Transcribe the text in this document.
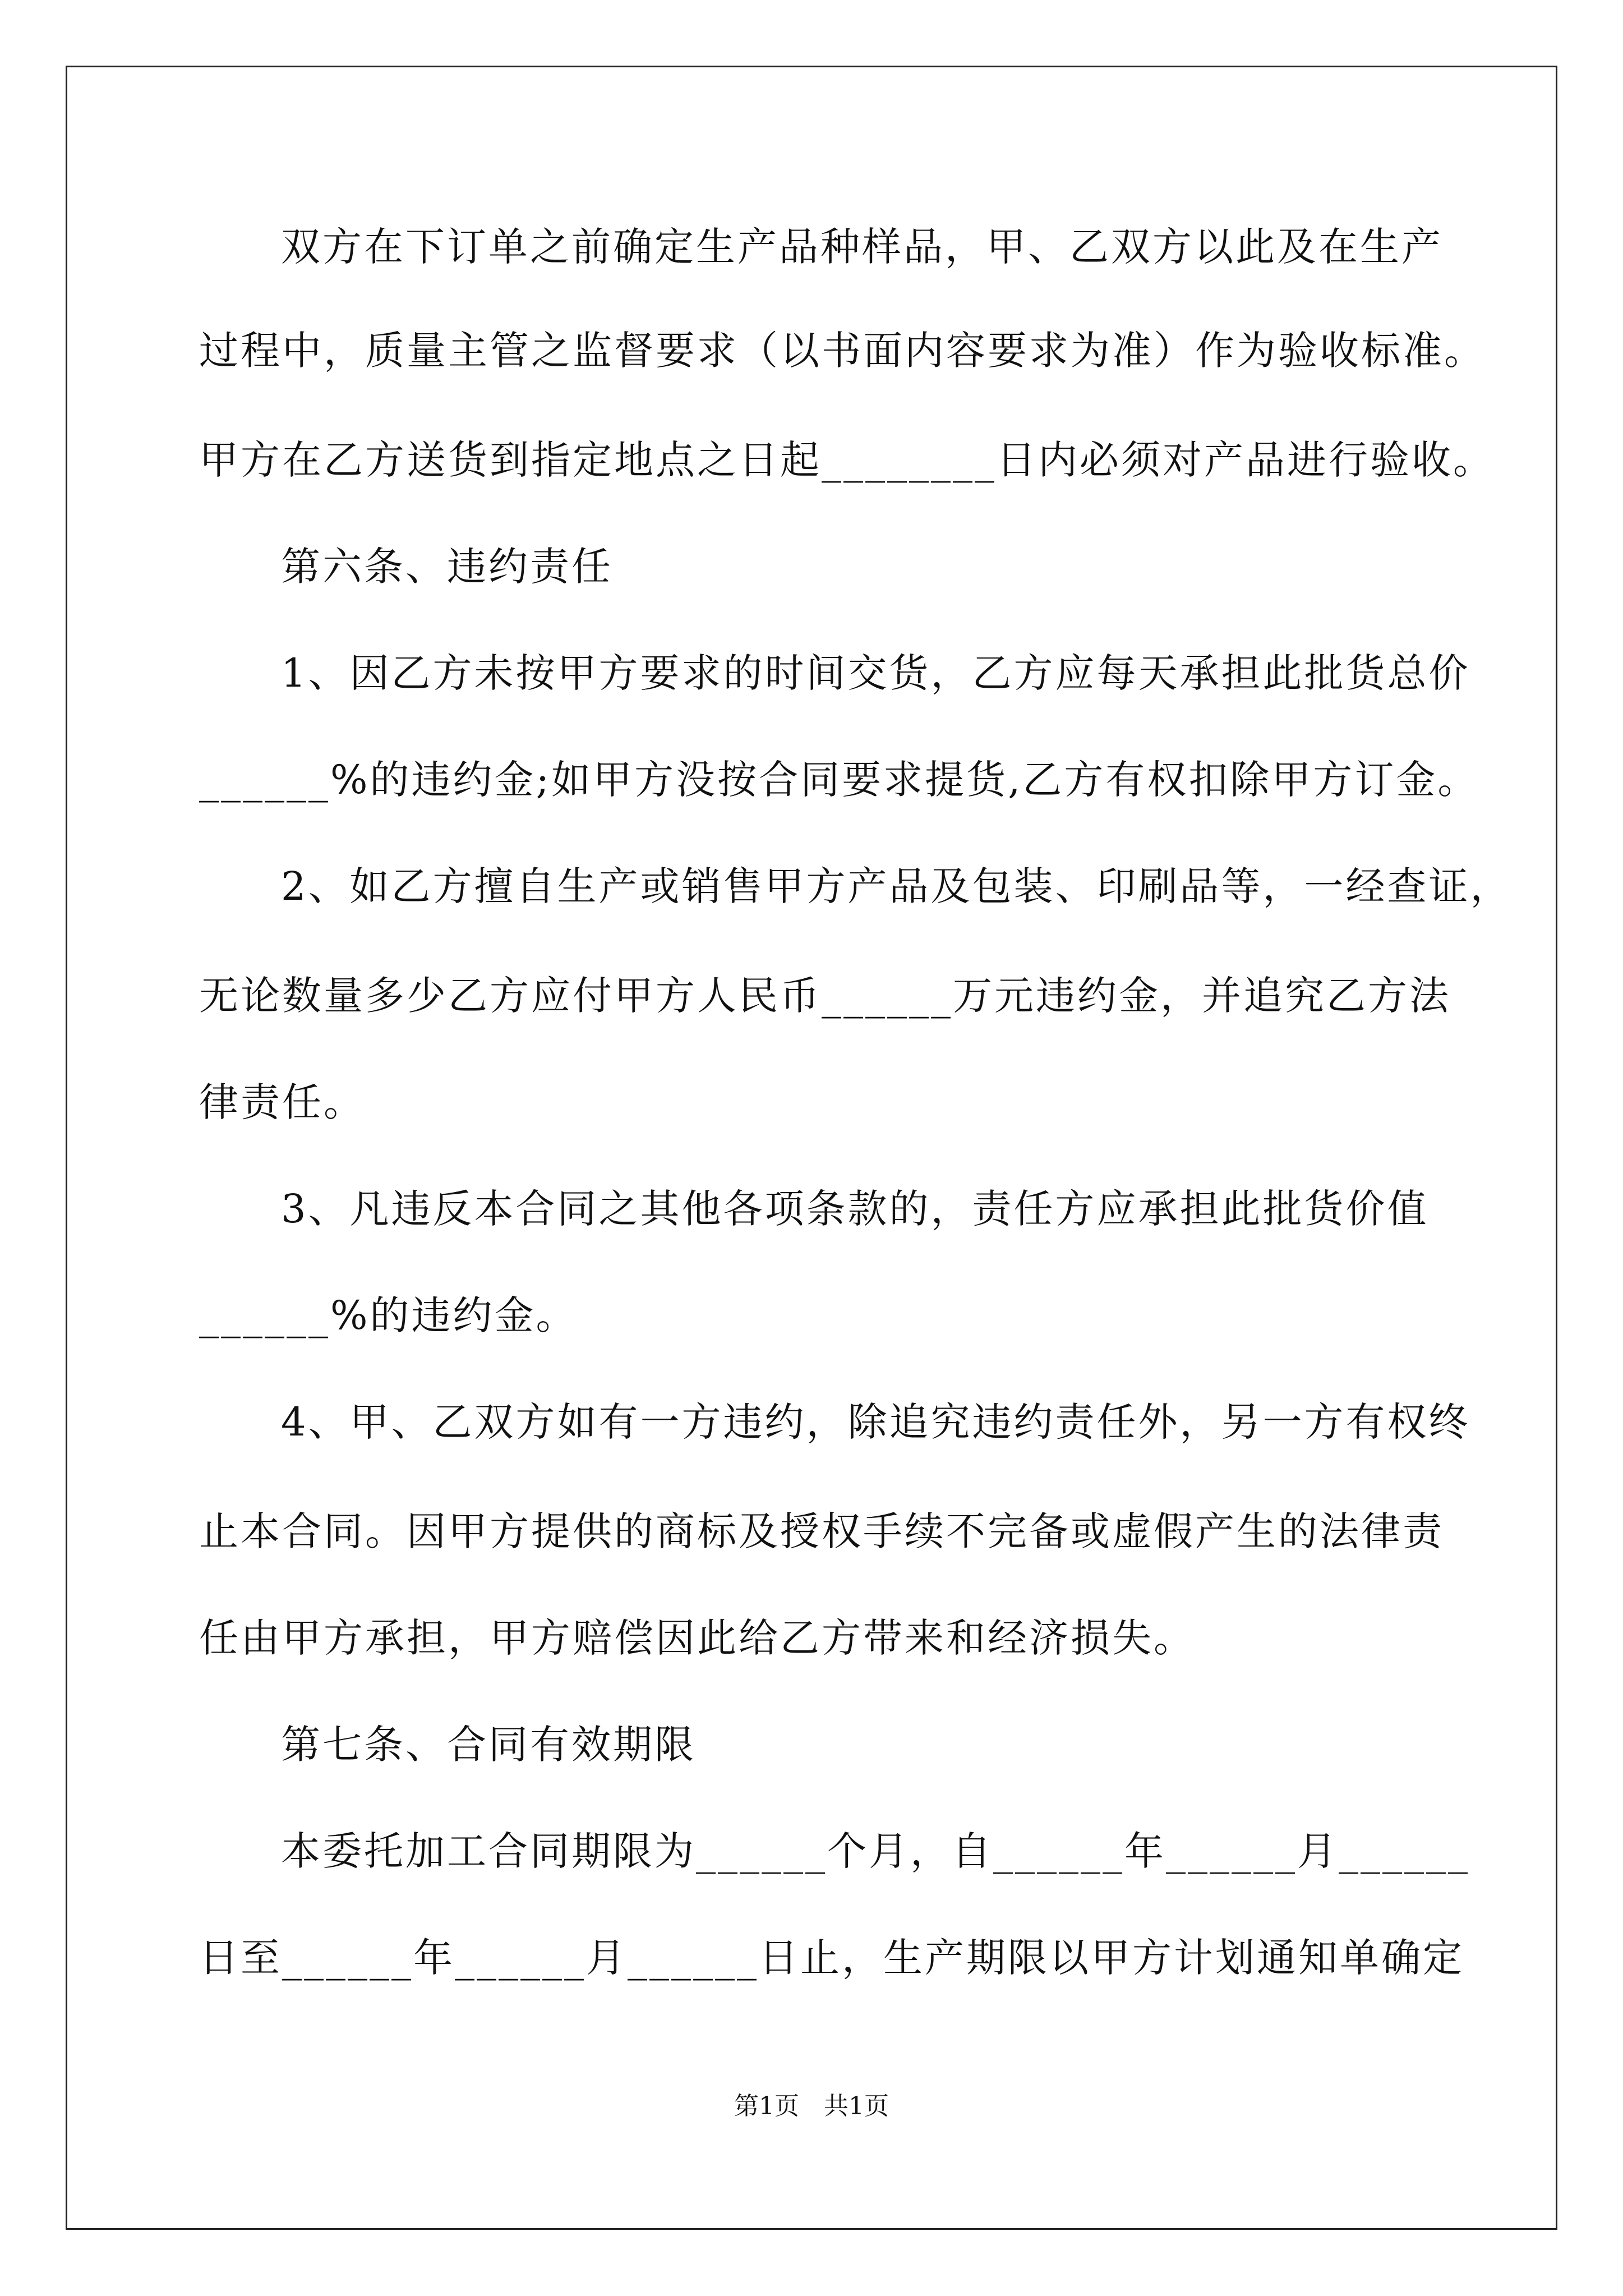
双方在下订单之前确定生产品种样品，甲、乙双方以此及在生产
过程中，质量主管之监督要求（以书面内容要求为准）作为验收标准。
甲方在乙方送货到指定地点之日起________日内必须对产品进行验收。
第六条、违约责任
1、因乙方未按甲方要求的时间交货，乙方应每天承担此批货总价
______%的违约金;如甲方没按合同要求提货,乙方有权扣除甲方订金。
2、如乙方擅自生产或销售甲方产品及包装、印刷品等，一经查证，
无论数量多少乙方应付甲方人民币______万元违约金，并追究乙方法
律责任。
3、凡违反本合同之其他各项条款的，责任方应承担此批货价值
______%的违约金。
4、甲、乙双方如有一方违约，除追究违约责任外，另一方有权终
止本合同。因甲方提供的商标及授权手续不完备或虚假产生的法律责
任由甲方承担，甲方赔偿因此给乙方带来和经济损失。
第七条、合同有效期限
本委托加工合同期限为______个月，自______年______月______
日至______年______月______日止，生产期限以甲方计划通知单确定
第1页　共1页
